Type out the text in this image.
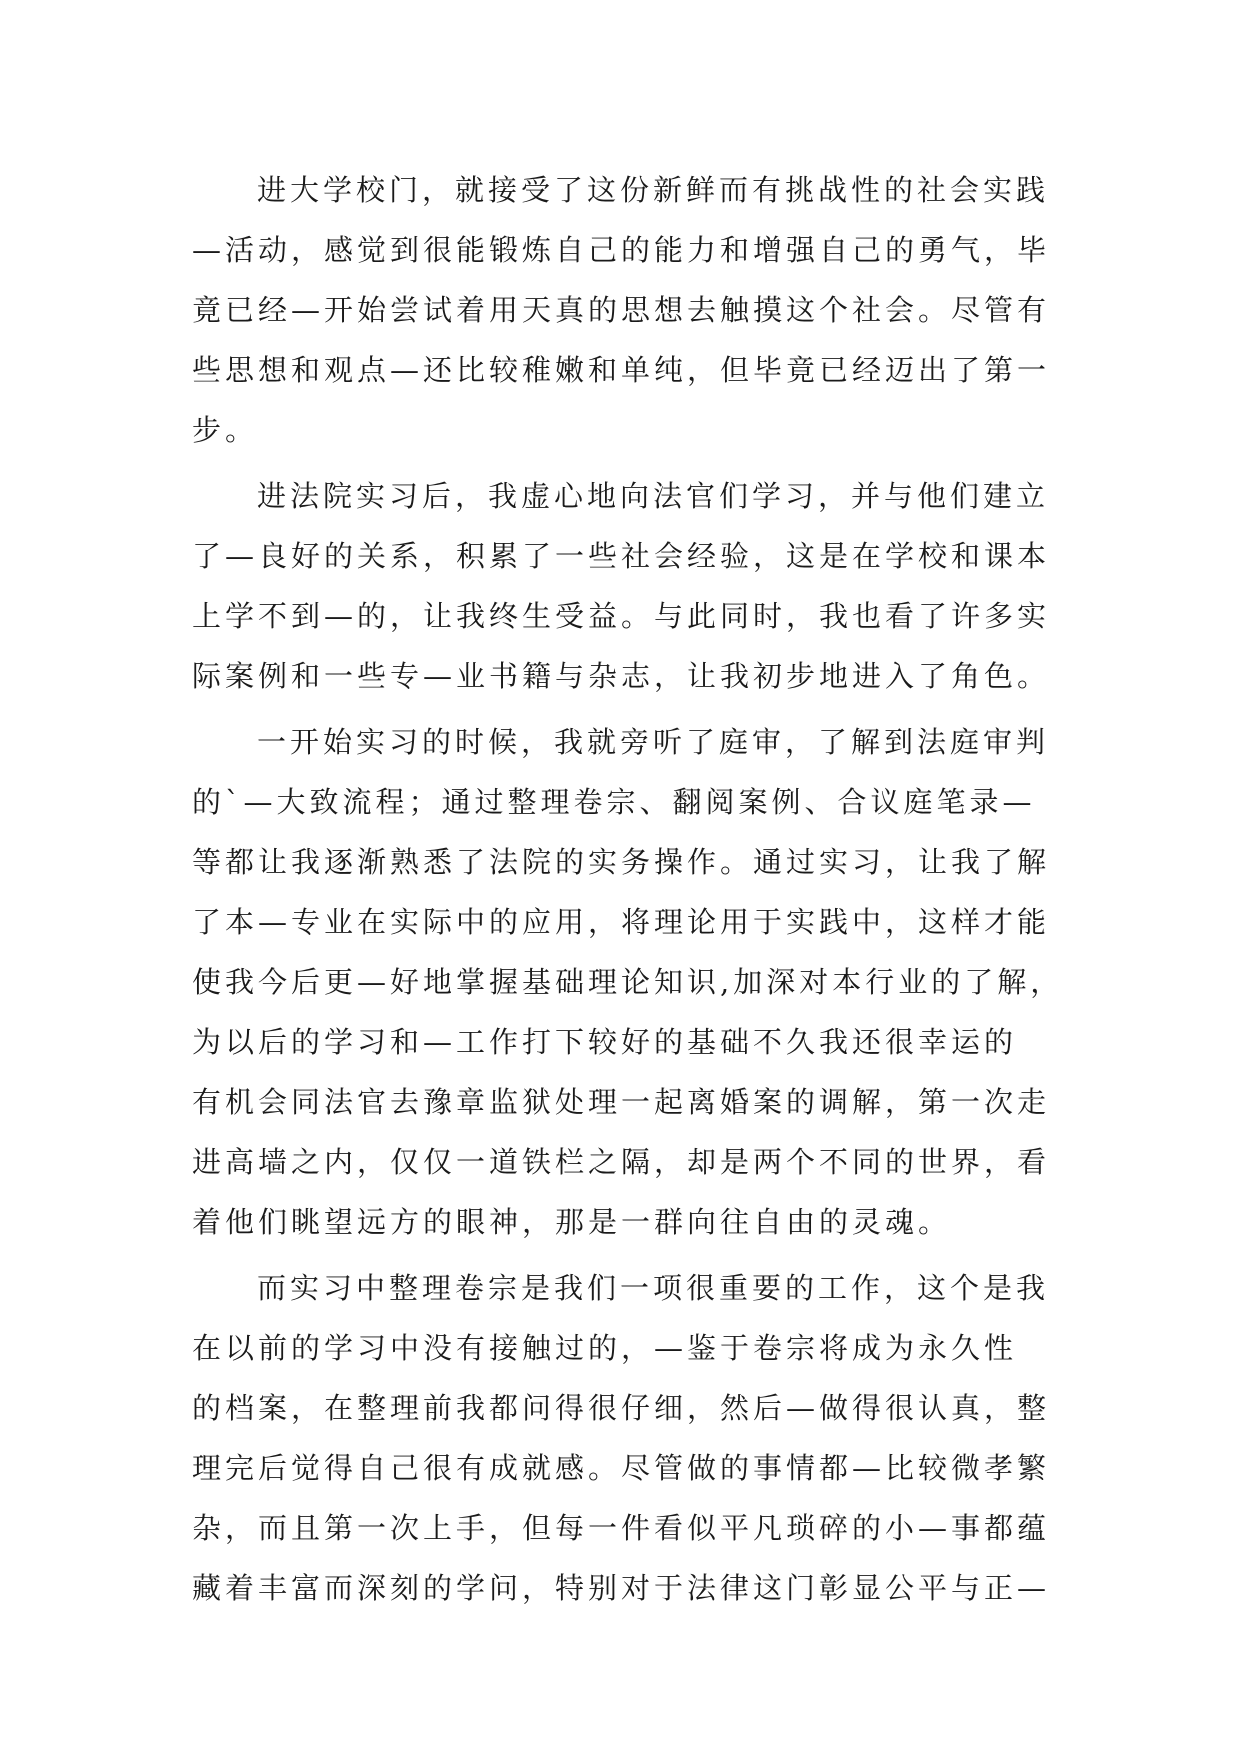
进大学校门，就接受了这份新鲜而有挑战性的社会实践
—活动，感觉到很能锻炼自己的能力和增强自己的勇气，毕
竟已经—开始尝试着用天真的思想去触摸这个社会。尽管有
些思想和观点—还比较稚嫩和单纯，但毕竟已经迈出了第一
步。
进法院实习后，我虚心地向法官们学习，并与他们建立
了—良好的关系，积累了一些社会经验，这是在学校和课本
上学不到—的，让我终生受益。与此同时，我也看了许多实
际案例和一些专—业书籍与杂志，让我初步地进入了角色。
一开始实习的时候，我就旁听了庭审，了解到法庭审判
的`—大致流程；通过整理卷宗、翻阅案例、合议庭笔录—
等都让我逐渐熟悉了法院的实务操作。通过实习，让我了解
了本—专业在实际中的应用，将理论用于实践中，这样才能
使我今后更—好地掌握基础理论知识,加深对本行业的了解，
为以后的学习和—工作打下较好的基础不久我还很幸运的
有机会同法官去豫章监狱处理一起离婚案的调解，第一次走
进高墙之内，仅仅一道铁栏之隔，却是两个不同的世界，看
着他们眺望远方的眼神，那是一群向往自由的灵魂。
而实习中整理卷宗是我们一项很重要的工作，这个是我
在以前的学习中没有接触过的，—鉴于卷宗将成为永久性
的档案，在整理前我都问得很仔细，然后—做得很认真，整
理完后觉得自己很有成就感。尽管做的事情都—比较微孝繁
杂，而且第一次上手，但每一件看似平凡琐碎的小—事都蕴
藏着丰富而深刻的学问，特别对于法律这门彰显公平与正—
